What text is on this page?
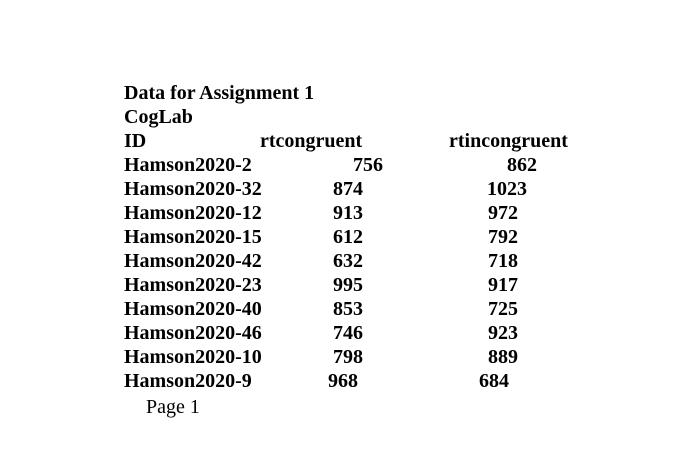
Data for Assignment 1
CogLab
ID	rtcongruent	rtincongruent
Hamson2020-2	756	862
Hamson2020-32	874	1023
Hamson2020-12	913	972
Hamson2020-15	612	792
Hamson2020-42	632	718
Hamson2020-23	995	917
Hamson2020-40	853	725
Hamson2020-46	746	923
Hamson2020-10	798	889
Hamson2020-9	968	684
Page 1
